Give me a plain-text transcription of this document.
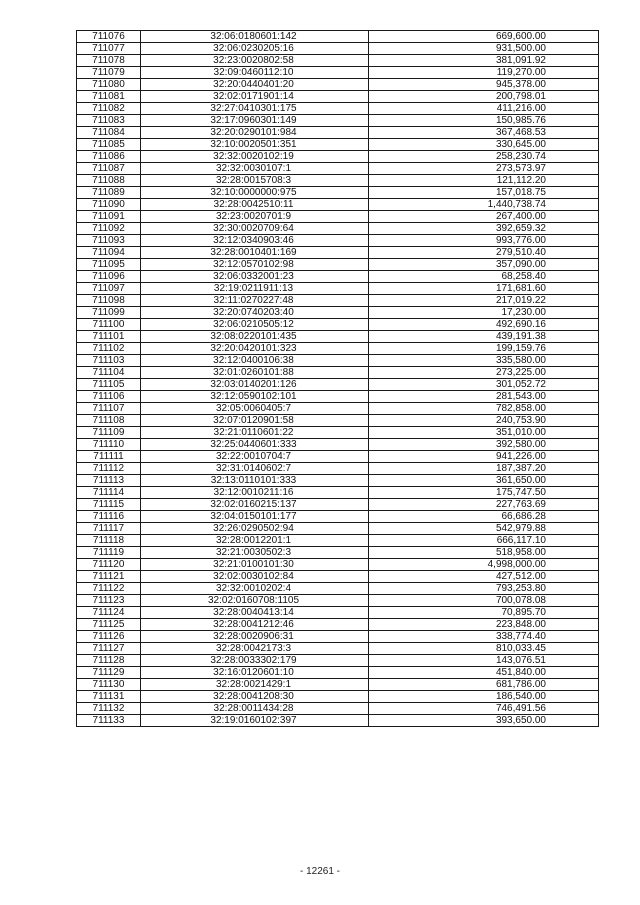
711076	32:06:0180601:142	669,600.00
711077	32:06:0230205:16	931,500.00
711078	32:23:0020802:58	381,091.92
711079	32:09:0460112:10	119,270.00
711080	32:20:0440401:20	945,378.00
711081	32:02:0171901:14	200,798.01
711082	32:27:0410301:175	411,216.00
711083	32:17:0960301:149	150,985.76
711084	32:20:0290101:984	367,468.53
711085	32:10:0020501:351	330,645.00
711086	32:32:0020102:19	258,230.74
711087	32:32:0030107:1	273,573.97
711088	32:28:0015708:3	121,112.20
711089	32:10:0000000:975	157,018.75
711090	32:28:0042510:11	1,440,738.74
711091	32:23:0020701:9	267,400.00
711092	32:30:0020709:64	392,659.32
711093	32:12:0340903:46	993,776.00
711094	32:28:0010401:169	279,510.40
711095	32:12:0570102:98	357,090.00
711096	32:06:0332001:23	68,258.40
711097	32:19:0211911:13	171,681.60
711098	32:11:0270227:48	217,019.22
711099	32:20:0740203:40	17,230.00
711100	32:06:0210505:12	492,690.16
711101	32:08:0220101:435	439,191.38
711102	32:20:0420101:323	199,159.76
711103	32:12:0400106:38	335,580.00
711104	32:01:0260101:88	273,225.00
711105	32:03:0140201:126	301,052.72
711106	32:12:0590102:101	281,543.00
711107	32:05:0060405:7	782,858.00
711108	32:07:0120901:58	240,753.90
711109	32:21:0110601:22	351,010.00
711110	32:25:0440601:333	392,580.00
711111	32:22:0010704:7	941,226.00
711112	32:31:0140602:7	187,387.20
711113	32:13:0110101:333	361,650.00
711114	32:12:0010211:16	175,747.50
711115	32:02:0160215:137	227,763.69
711116	32:04:0150101:177	66,686.28
711117	32:26:0290502:94	542,979.88
711118	32:28:0012201:1	666,117.10
711119	32:21:0030502:3	518,958.00
711120	32:21:0100101:30	4,998,000.00
711121	32:02:0030102:84	427,512.00
711122	32:32:0010202:4	793,253.80
711123	32:02:0160708:1105	700,078.08
711124	32:28:0040413:14	70,895.70
711125	32:28:0041212:46	223,848.00
711126	32:28:0020906:31	338,774.40
711127	32:28:0042173:3	810,033.45
711128	32:28:0033302:179	143,076.51
711129	32:16:0120601:10	451,840.00
711130	32:28:0021429:1	681,786.00
711131	32:28:0041208:30	186,540.00
711132	32:28:0011434:28	746,491.56
711133	32:19:0160102:397	393,650.00
- 12261 -
